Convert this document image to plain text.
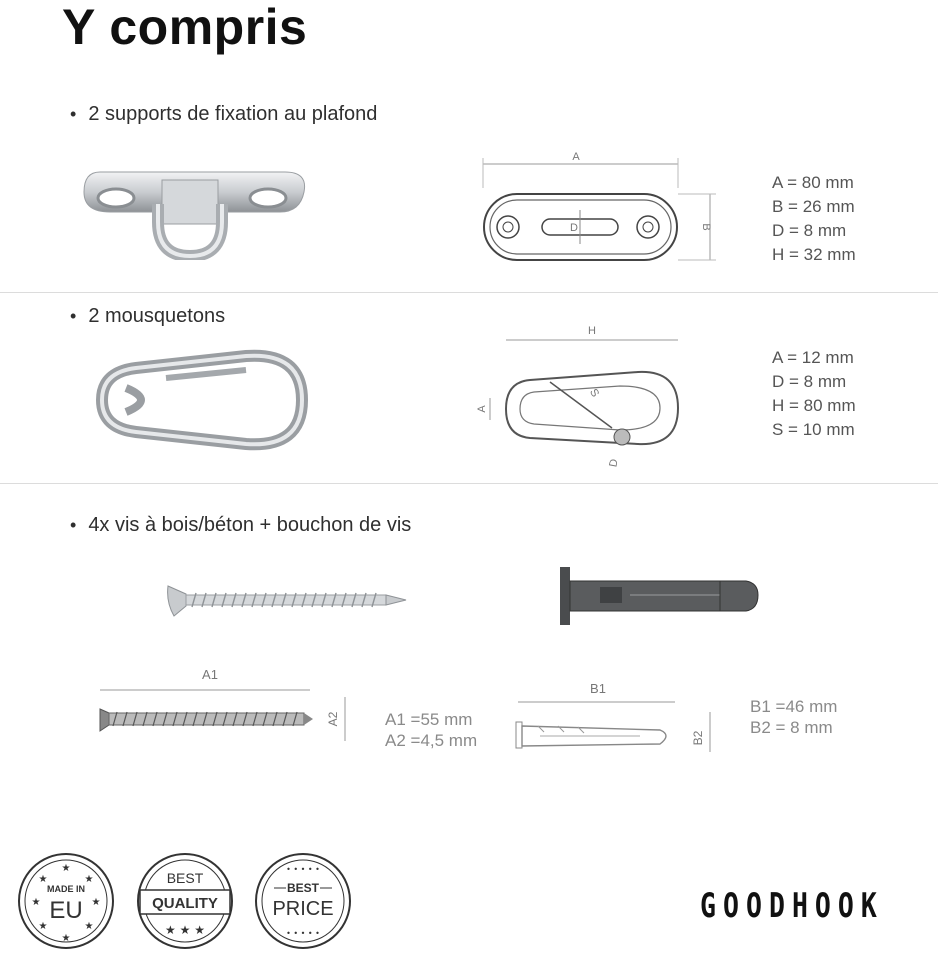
Y compris
• 2 supports de fixation au plafond
A
D	B
A = 80 mm
B = 26 mm
D = 8 mm
H = 32 mm
• 2 mousquetons
H
A
S
D
A = 12 mm
D = 8 mm
H = 80 mm
S = 10 mm
• 4x vis à bois/béton + bouchon de vis
A1
A2	A1 =55 mm
A2 =4,5 mm
B1
B2
B1 =46 mm
B2 = 8 mm
★
★
★	★
★	★
★	★
MADE IN
EU
BEST
QUALITY
★ ★ ★
• • • • •
BEST
PRICE
• • • • •
GOODHOOK
